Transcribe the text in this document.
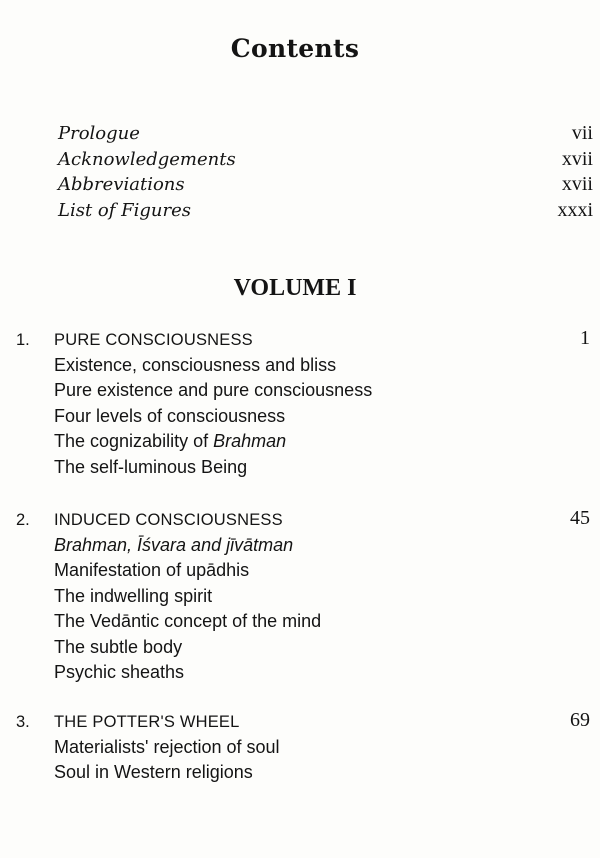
Contents
Prologue	vii
Acknowledgements	xvii
Abbreviations	xvii
List of Figures	xxxi
VOLUME I
1. PURE CONSCIOUSNESS	1
Existence, consciousness and bliss
Pure existence and pure consciousness
Four levels of consciousness
The cognizability of Brahman
The self-luminous Being
2. INDUCED CONSCIOUSNESS	45
Brahman, Īśvara and jīvātman
Manifestation of upādhis
The indwelling spirit
The Vedāntic concept of the mind
The subtle body
Psychic sheaths
3. THE POTTER'S WHEEL	69
Materialists' rejection of soul
Soul in Western religions
